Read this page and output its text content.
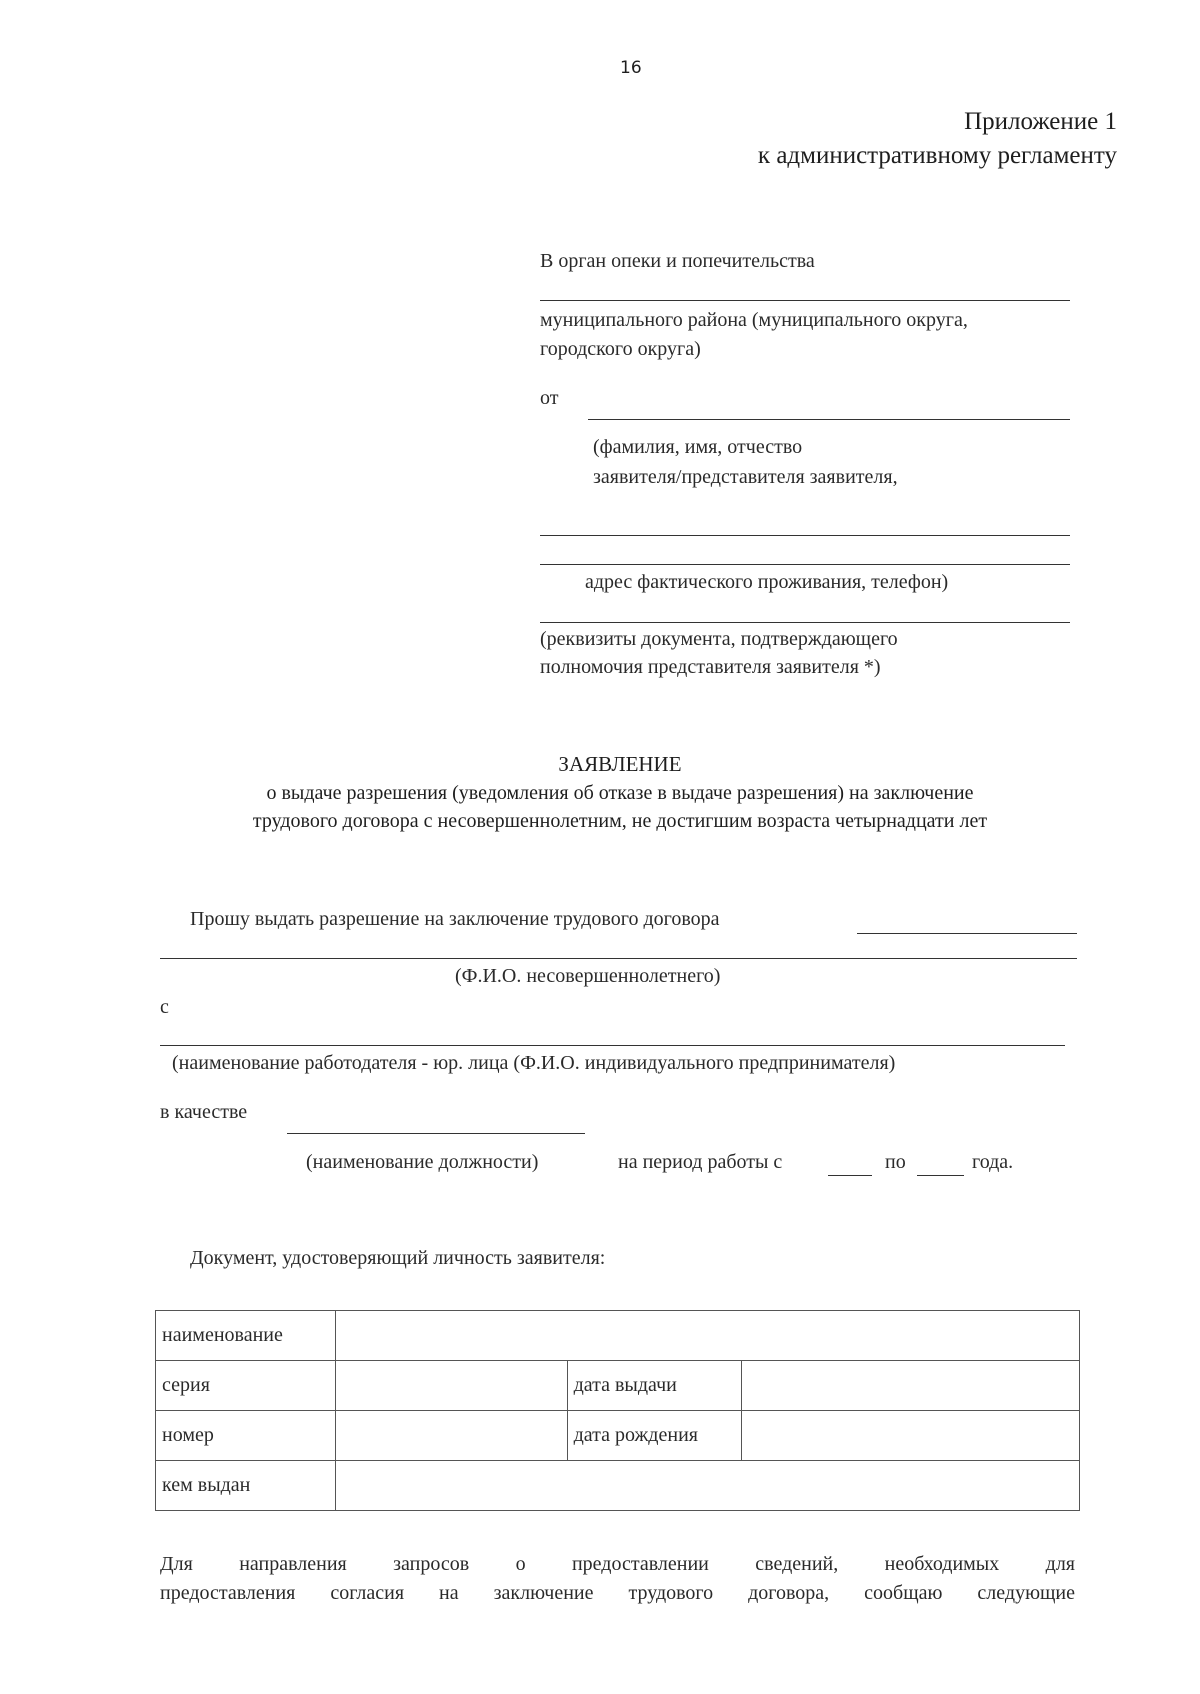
16
Приложение 1
к административному регламенту
В орган опеки и попечительства
муниципального района (муниципального округа,
городского округа)
от
(фамилия, имя, отчество
заявителя/представителя заявителя,
адрес фактического проживания, телефон)
(реквизиты документа, подтверждающего
полномочия представителя заявителя *)
ЗАЯВЛЕНИЕ
о выдаче разрешения (уведомления об отказе в выдаче разрешения) на заключение
трудового договора с несовершеннолетним, не достигшим возраста четырнадцати лет
Прошу выдать разрешение на заключение трудового договора
(Ф.И.О. несовершеннолетнего)
с
(наименование работодателя - юр. лица (Ф.И.О. индивидуального предпринимателя)
в качестве
(наименование должности)	на период работы с	по	года.
Документ, удостоверяющий личность заявителя:
наименование			
серия		дата выдачи	
номер		дата рождения	
кем выдан			
Для направления запросов о предоставлении сведений, необходимых для
предоставления согласия на заключение трудового договора, сообщаю следующие
